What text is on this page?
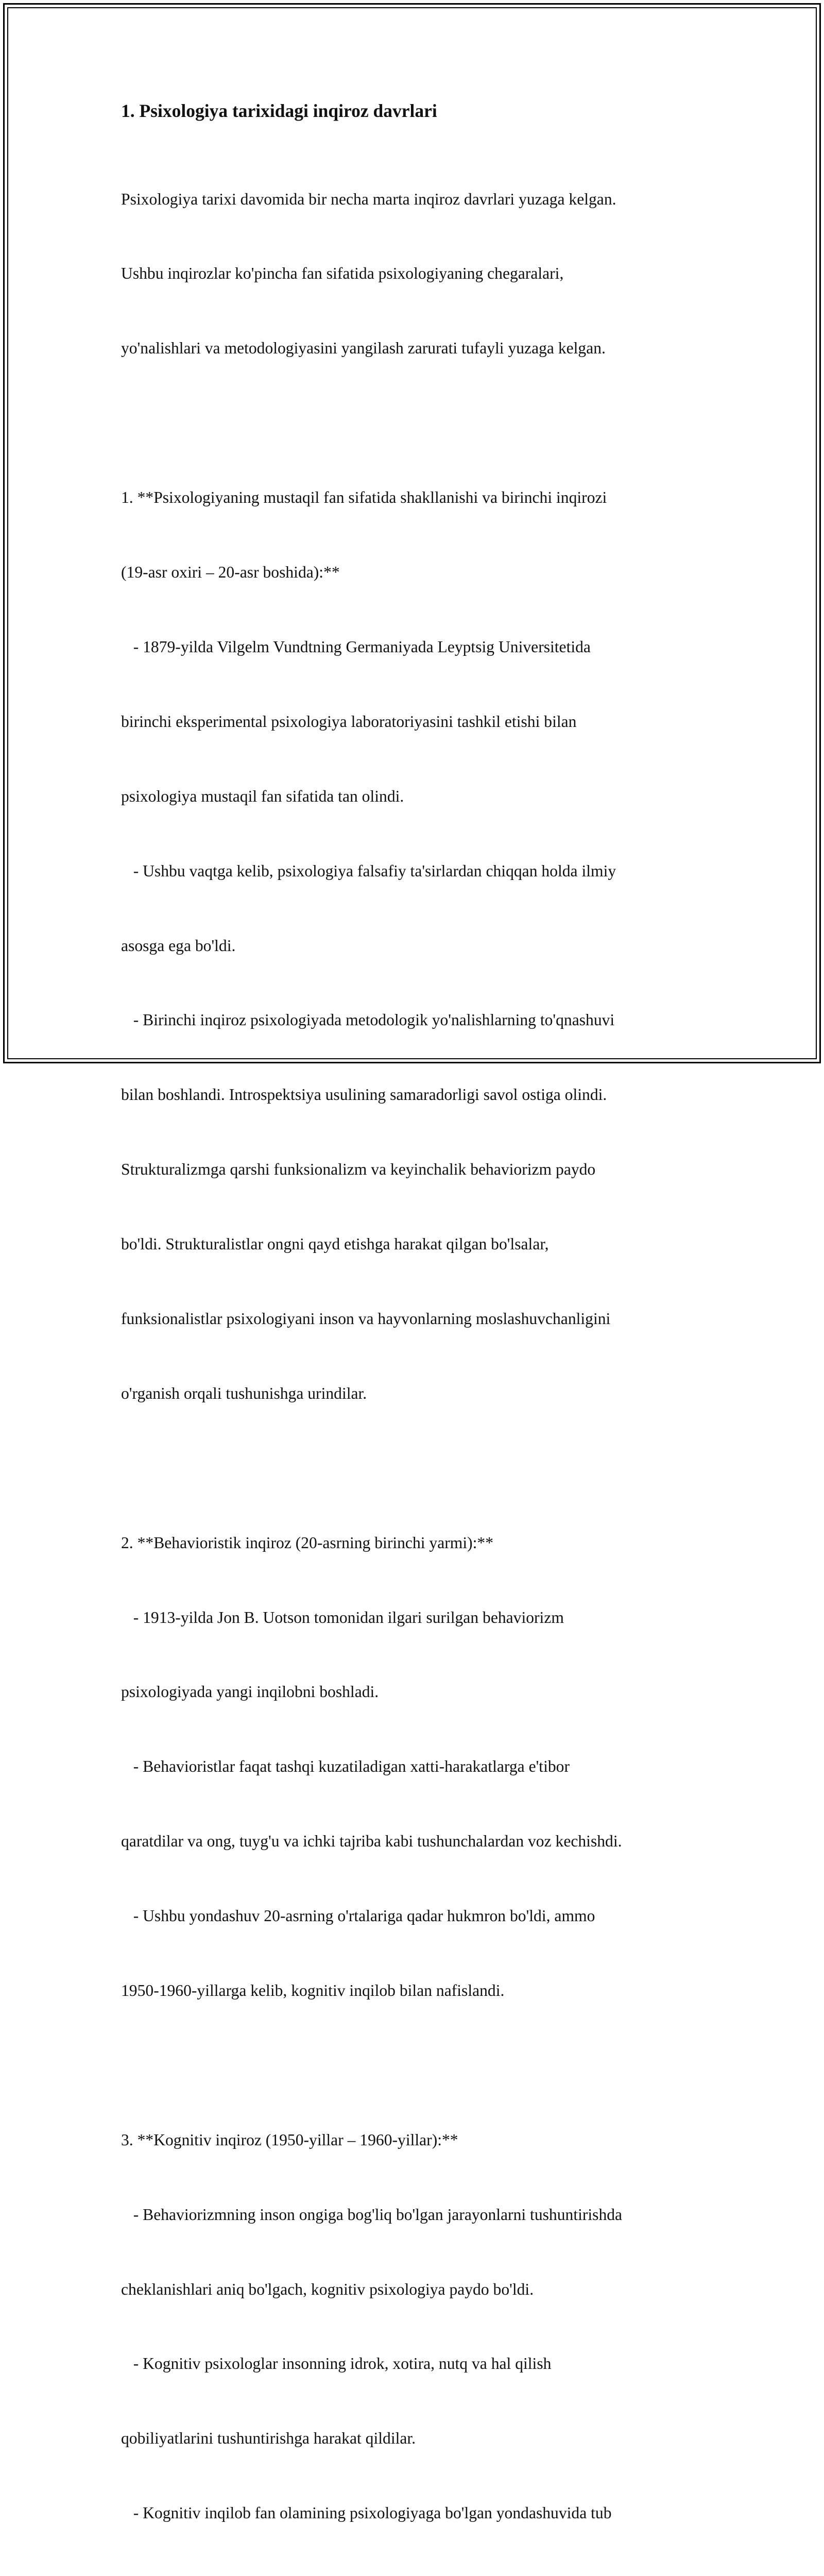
1. Psixologiya tarixidagi inqiroz davrlari

Psixologiya tarixi davomida bir necha marta inqiroz davrlari yuzaga kelgan.

Ushbu inqirozlar ko'pincha fan sifatida psixologiyaning chegaralari,

yo'nalishlari va metodologiyasini yangilash zarurati tufayli yuzaga kelgan.

1. **Psixologiyaning mustaqil fan sifatida shakllanishi va birinchi inqirozi

(19-asr oxiri – 20-asr boshida):**

- 1879-yilda Vilgelm Vundtning Germaniyada Leyptsig Universitetida

birinchi eksperimental psixologiya laboratoriyasini tashkil etishi bilan

psixologiya mustaqil fan sifatida tan olindi.

- Ushbu vaqtga kelib, psixologiya falsafiy ta'sirlardan chiqqan holda ilmiy

asosga ega bo'ldi.

- Birinchi inqiroz psixologiyada metodologik yo'nalishlarning to'qnashuvi

bilan boshlandi. Introspektsiya usulining samaradorligi savol ostiga olindi.

Strukturalizmga qarshi funksionalizm va keyinchalik behaviorizm paydo

bo'ldi. Strukturalistlar ongni qayd etishga harakat qilgan bo'lsalar,

funksionalistlar psixologiyani inson va hayvonlarning moslashuvchanligini

o'rganish orqali tushunishga urindilar.

2. **Behavioristik inqiroz (20-asrning birinchi yarmi):**

- 1913-yilda Jon B. Uotson tomonidan ilgari surilgan behaviorizm

psixologiyada yangi inqilobni boshladi.

- Behavioristlar faqat tashqi kuzatiladigan xatti-harakatlarga e'tibor

qaratdilar va ong, tuyg'u va ichki tajriba kabi tushunchalardan voz kechishdi.

- Ushbu yondashuv 20-asrning o'rtalariga qadar hukmron bo'ldi, ammo

1950-1960-yillarga kelib, kognitiv inqilob bilan nafislandi.

3. **Kognitiv inqiroz (1950-yillar – 1960-yillar):**

- Behaviorizmning inson ongiga bog'liq bo'lgan jarayonlarni tushuntirishda

cheklanishlari aniq bo'lgach, kognitiv psixologiya paydo bo'ldi.

- Kognitiv psixologlar insonning idrok, xotira, nutq va hal qilish

qobiliyatlarini tushuntirishga harakat qildilar.

- Kognitiv inqilob fan olamining psixologiyaga bo'lgan yondashuvida tub
